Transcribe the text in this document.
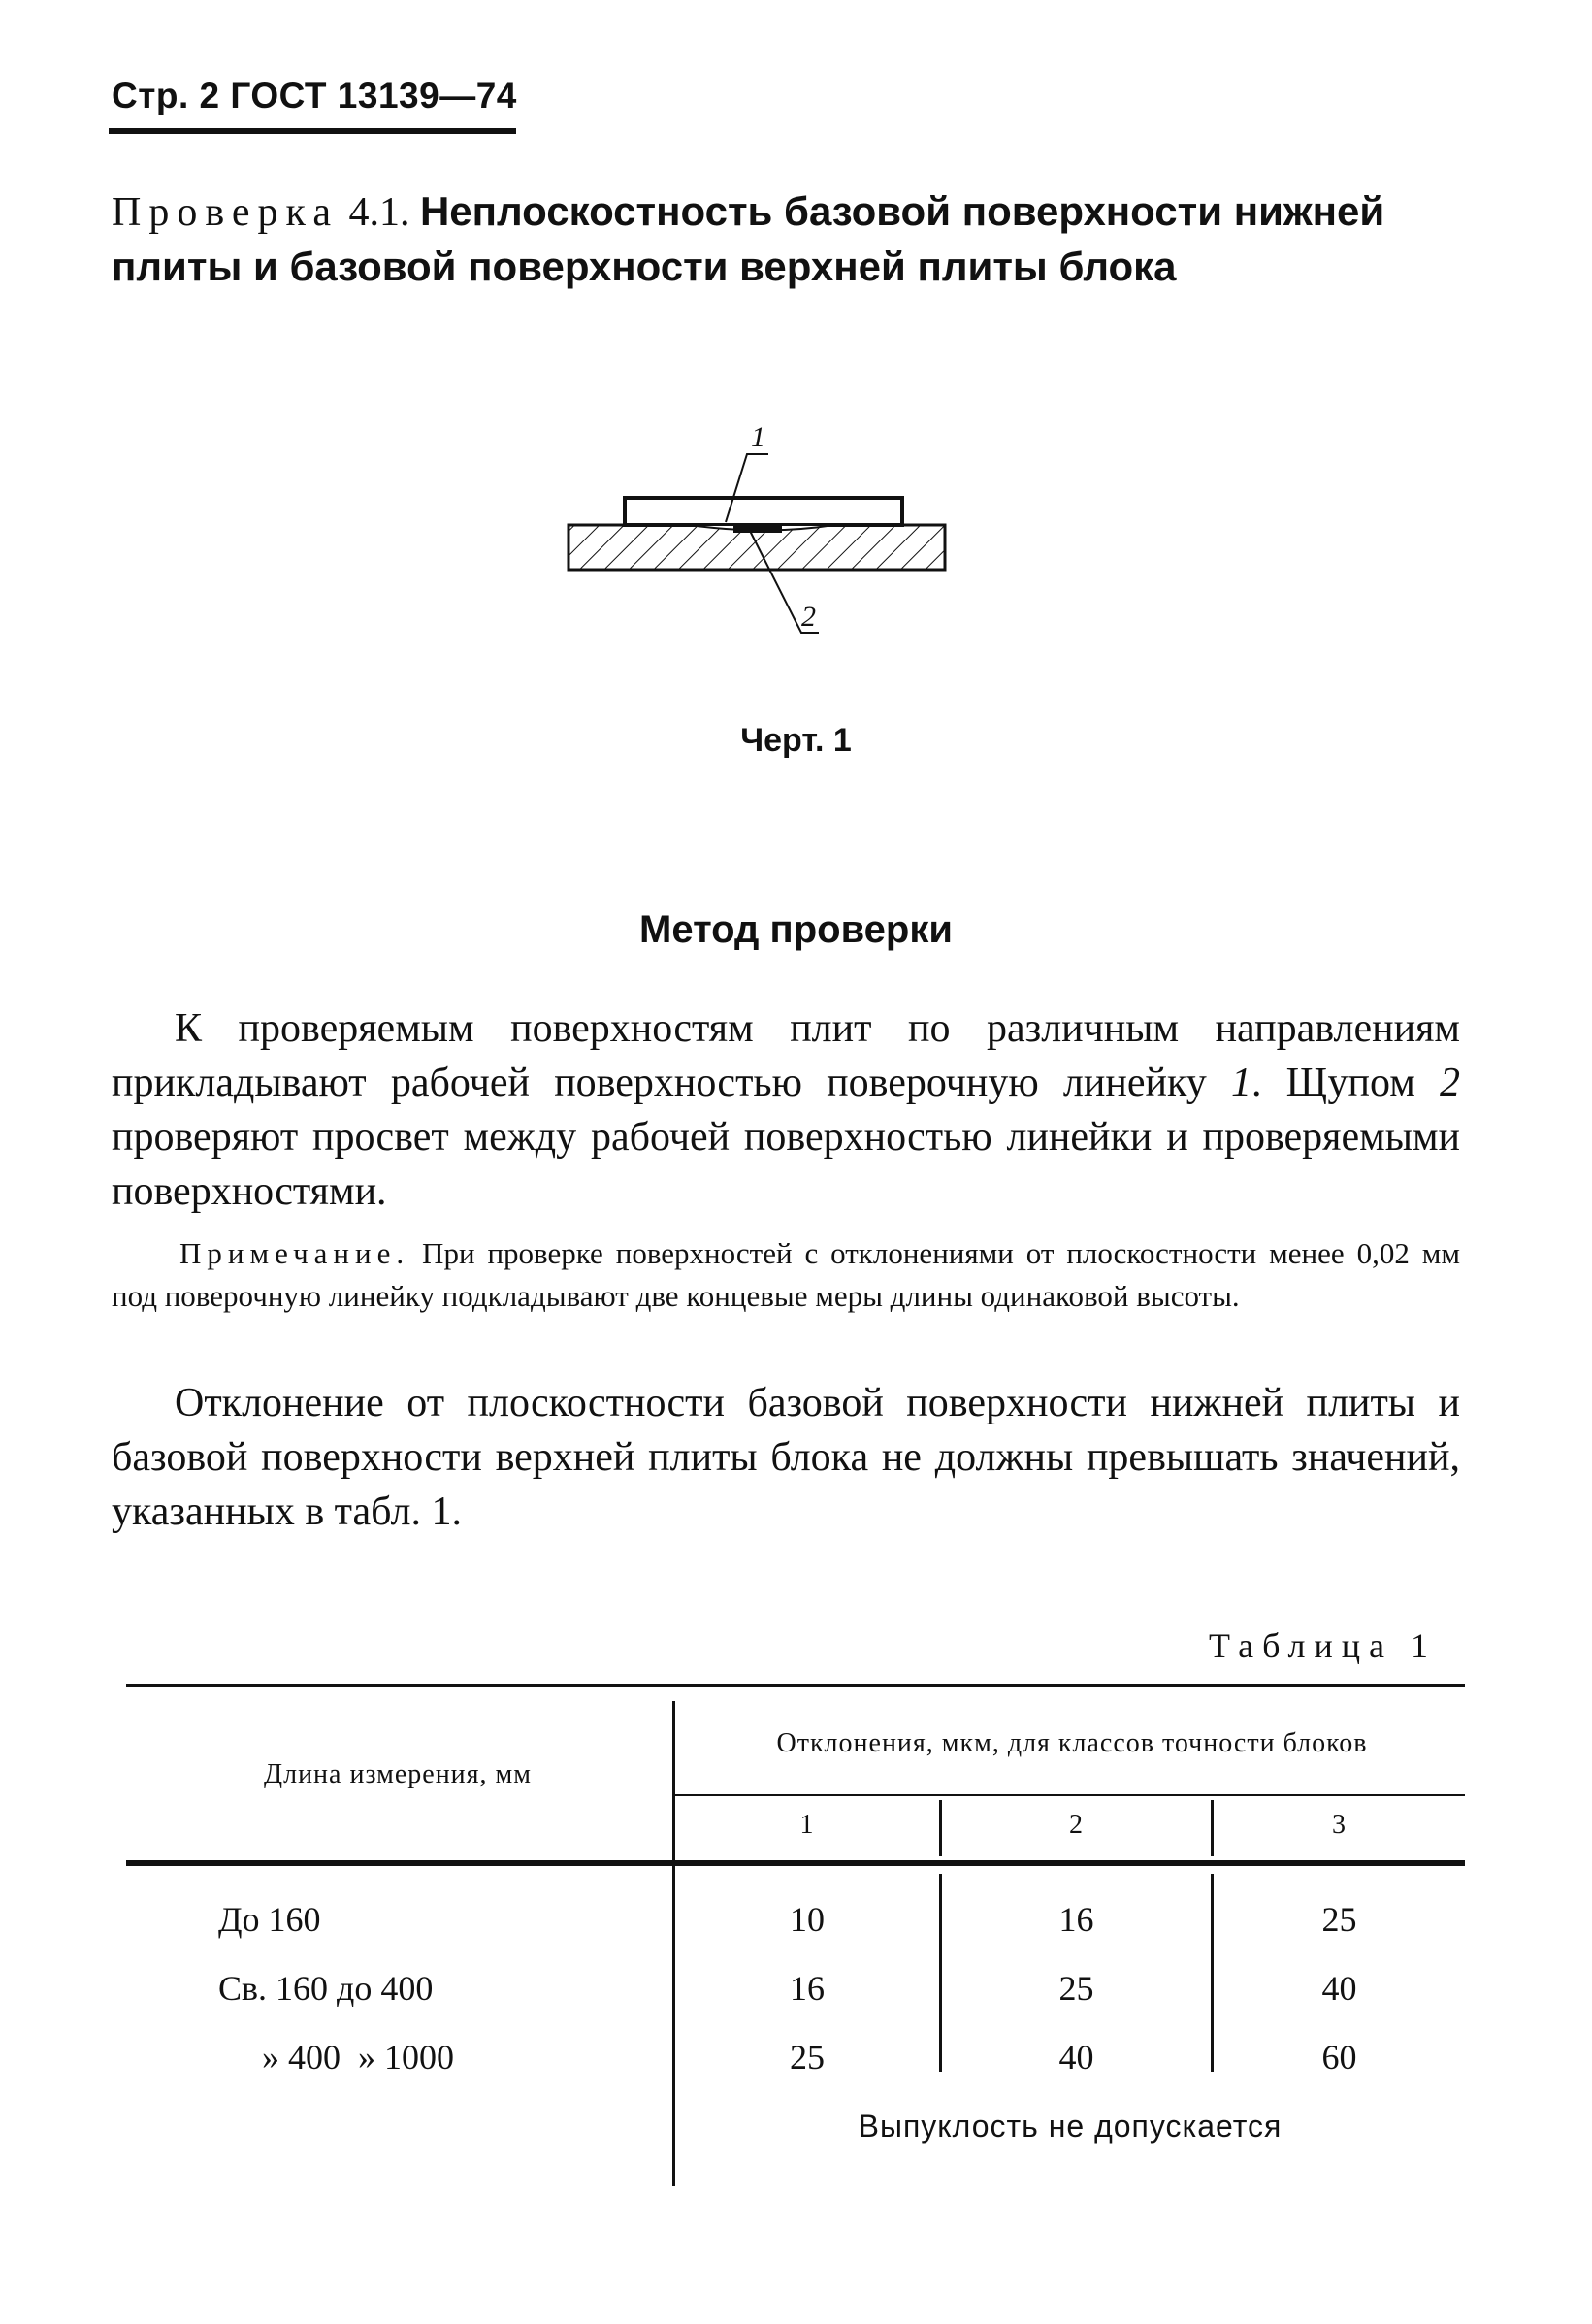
Стр. 2 ГОСТ 13139—74
Проверка 4.1. Неплоскостность базовой поверхности нижней плиты и базовой поверхности верхней плиты блока
1
2
Черт. 1
Метод проверки
К проверяемым поверхностям плит по различным направлениям прикладывают рабочей поверхностью поверочную линейку 1. Щупом 2 проверяют просвет между рабочей поверхностью линейки и проверяемыми поверхностями.
Примечание. При проверке поверхностей с отклонениями от плоскостности менее 0,02 мм под поверочную линейку подкладывают две концевые меры длины одинаковой высоты.
Отклонение от плоскостности базовой поверхности нижней плиты и базовой поверхности верхней плиты блока не должны превышать значений, указанных в табл. 1.
Таблица 1
Длина измерения, мм
Отклонения, мкм, для классов точности блоков
1	2	3
До 160	10	16	25
Св. 160 до 400	16	25	40
» 400  » 1000	25	40	60
Выпуклость не допускается
